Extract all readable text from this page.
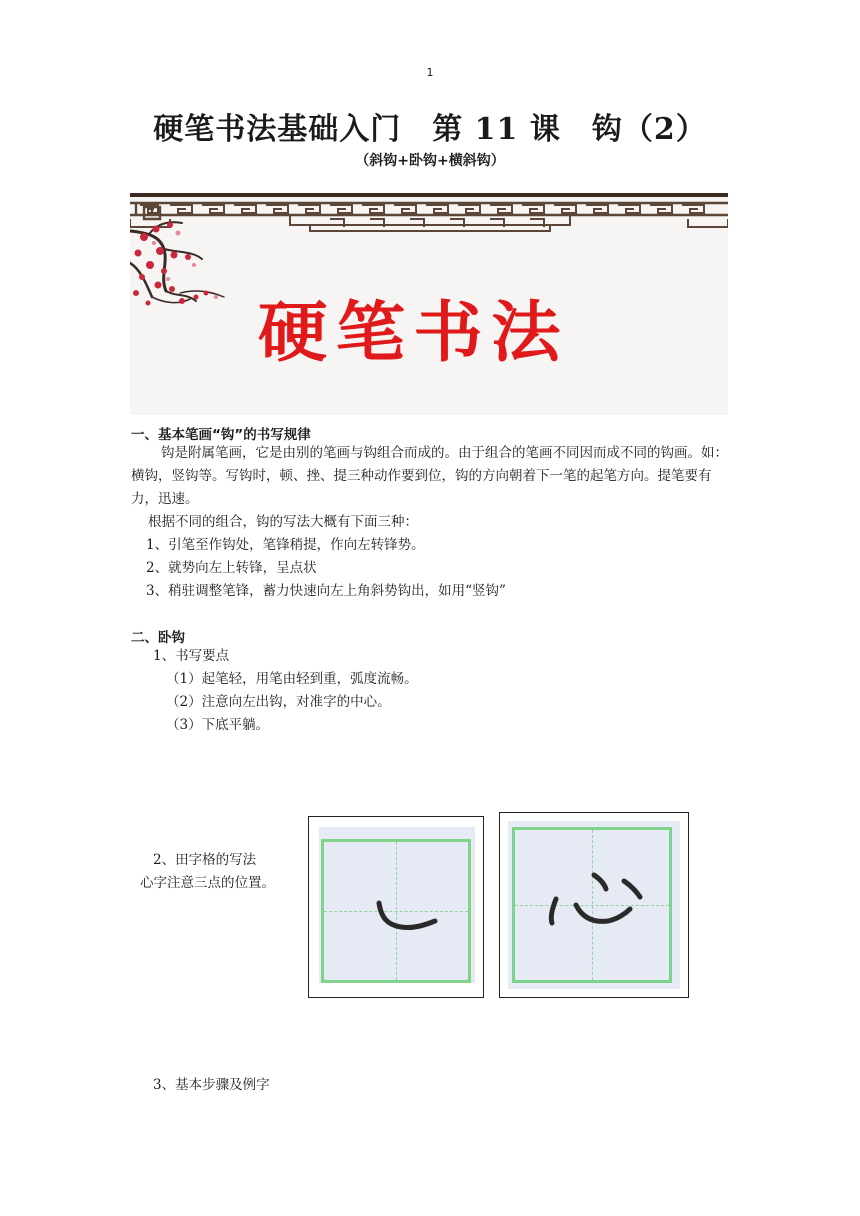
1
硬笔书法基础入门　第 11 课　钩（2）
（斜钩+卧钩+横斜钩）
硬笔书法
一、基本笔画“钩”的书写规律
钩是附属笔画，它是由别的笔画与钩组合而成的。由于组合的笔画不同因而成不同的钩画。如：横钩，竖钩等。写钩时，顿、挫、提三种动作要到位，钩的方向朝着下一笔的起笔方向。提笔要有力，迅速。
根据不同的组合，钩的写法大概有下面三种：
1、引笔至作钩处，笔锋稍提，作向左转锋势。
2、就势向左上转锋，呈点状
3、稍驻调整笔锋，蓄力快速向左上角斜势钩出，如用“竖钩”
二、卧钩
1、书写要点
（1）起笔轻，用笔由轻到重，弧度流畅。
（2）注意向左出钩，对准字的中心。
（3）下底平躺。
2、田字格的写法
心字注意三点的位置。
3、基本步骤及例字
